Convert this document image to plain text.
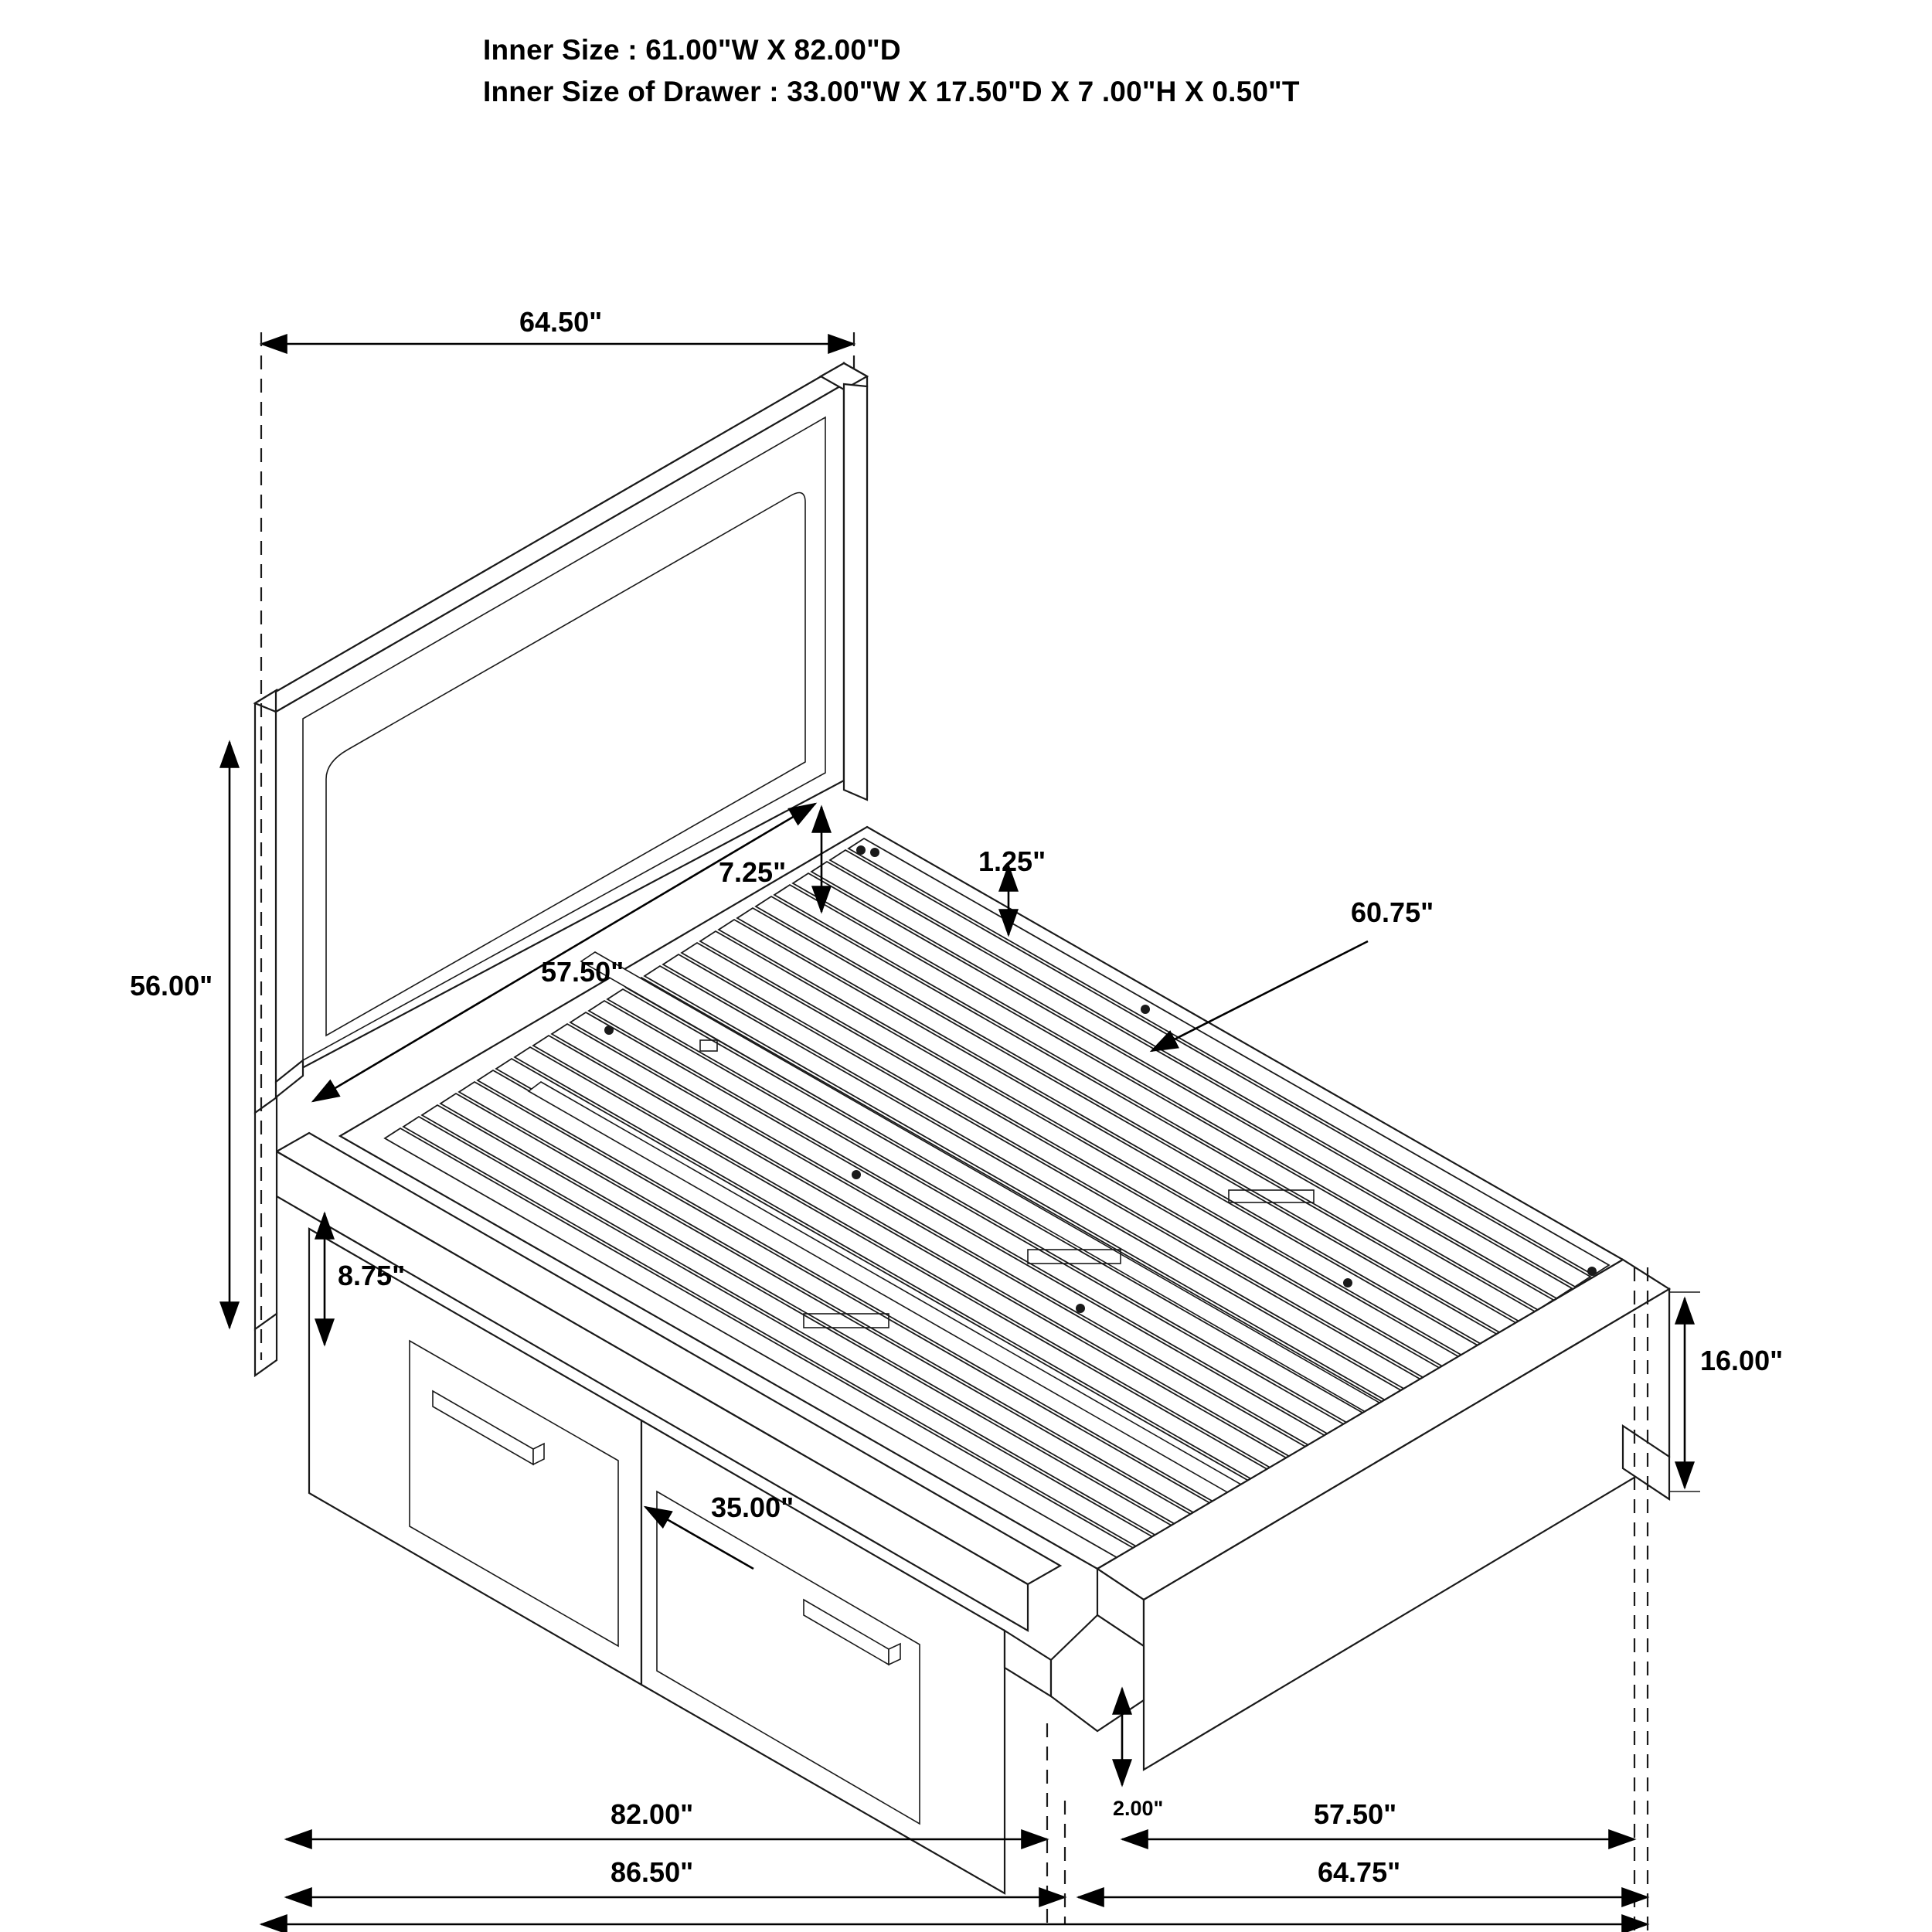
Inner Size : 61.00"W X 82.00"D
Inner Size of Drawer : 33.00"W X 17.50"D X 7 .00"H X 0.50"T
64.50"
56.00"
7.25"	1.25"
57.50"
60.75"
8.75"
16.00"
35.00"
2.00"
82.00"	57.50"
86.50"	64.75"
